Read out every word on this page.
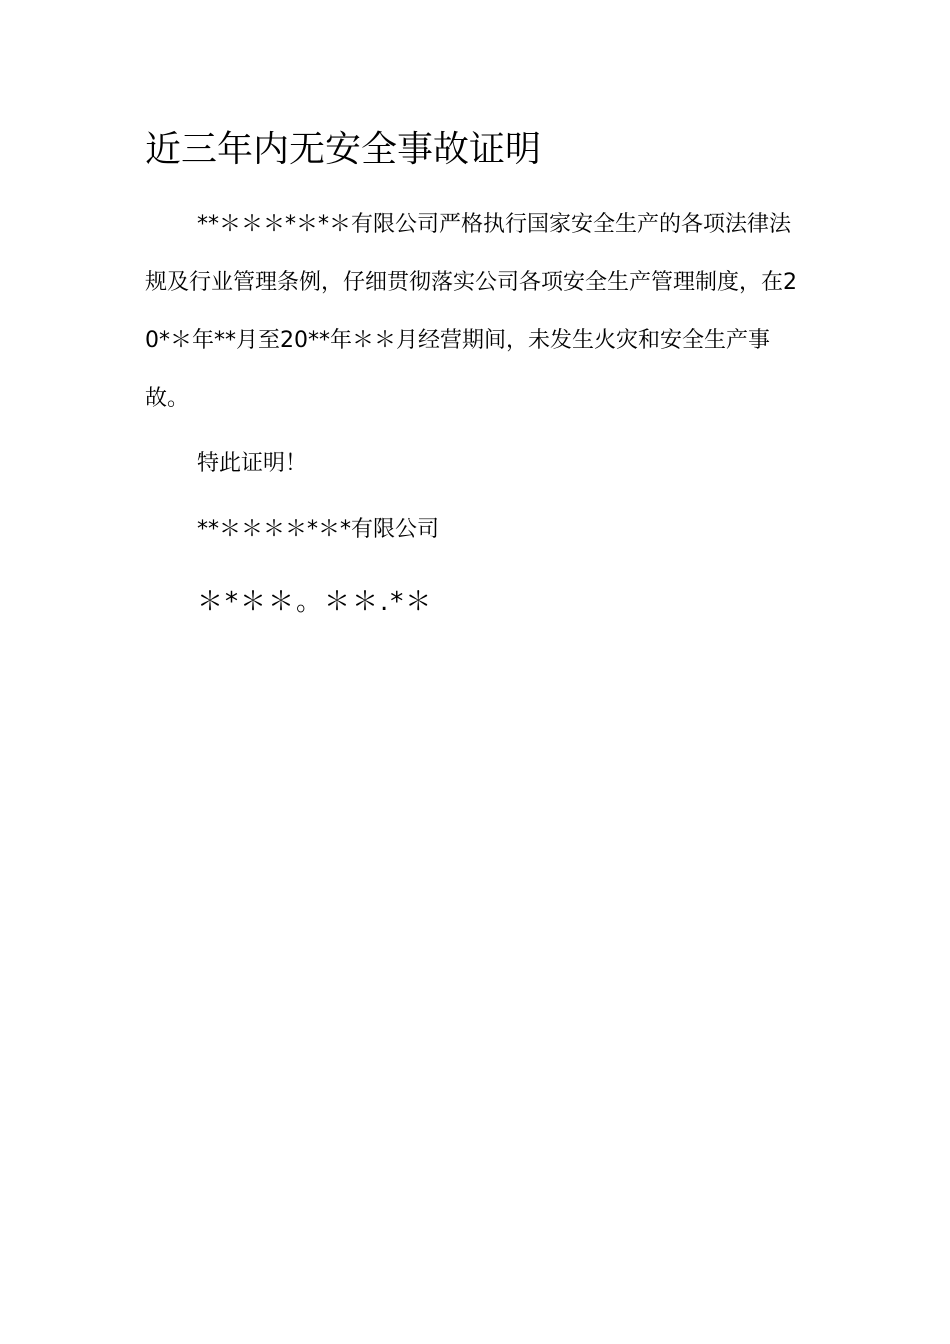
近三年内无安全事故证明

**＊＊＊*＊*＊有限公司严格执行国家安全生产的各项法律法规及行业管理条例，仔细贯彻落实公司各项安全生产管理制度，在20*＊年**月至20**年＊＊月经营期间，未发生火灾和安全生产事故。

特此证明！

**＊＊＊＊*＊*有限公司

＊*＊＊。＊＊.*＊
